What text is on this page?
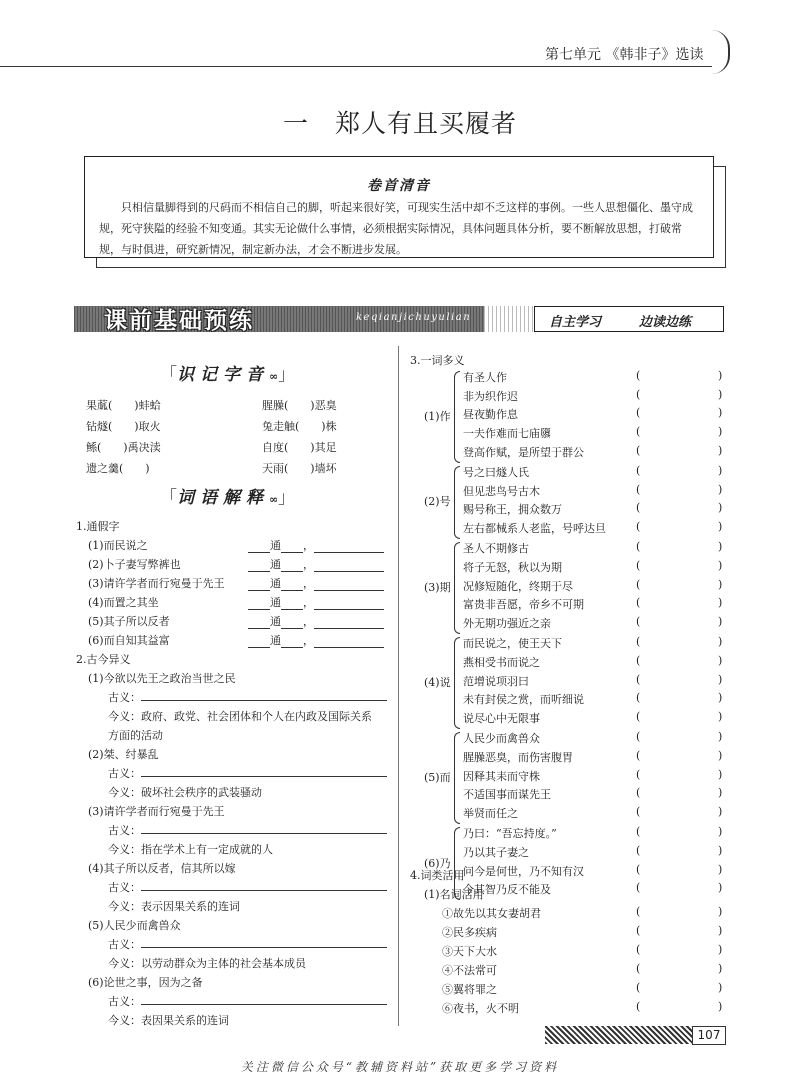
第七单元 《韩非子》选读
一　郑人有且买履者
卷首清音
只相信量脚得到的尺码而不相信自己的脚，听起来很好笑，可现实生活中却不乏这样的事例。一些人思想僵化、墨守成规，死守狭隘的经验不知变通。其实无论做什么事情，必须根据实际情况，具体问题具体分析，要不断解放思想，打破常规，与时俱进，研究新情况，制定新办法，才会不断进步发展。
课前基础预练	keqianjichuyulian	自主学习	边读边练
「识记字音∞」
果蓏( )蚌蛤	腥臊( )恶臭
钻燧( )取火	兔走触( )株
鲧( )禹决渎	自度( )其足
遗之羹( )	天雨( )墙坏
「词语解释∞」
1.通假字
(1)而民说之	通 ，
(2)卜子妻写弊裤也	通 ，
(3)请许学者而行宛曼于先王	通 ，
(4)而置之其坐	通 ，
(5)其子所以反者	通 ，
(6)而自知其益富	通 ，
2.古今异义
(1)今欲以先王之政治当世之民
古义：
今义：政府、政党、社会团体和个人在内政及国际关系
方面的活动
(2)桀、纣暴乱
古义：
今义：破坏社会秩序的武装骚动
(3)请许学者而行宛曼于先王
古义：
今义：指在学术上有一定成就的人
(4)其子所以反者，信其所以嫁
古义：
今义：表示因果关系的连词
(5)人民少而禽兽众
古义：
今义：以劳动群众为主体的社会基本成员
(6)论世之事，因为之备
古义：
今义：表因果关系的连词
3.一词多义
(1)作
有圣人作	(	)
非为织作迟	(	)
昼夜勤作息	(	)
一夫作难而七庙隳	(	)
登高作赋，是所望于群公	(	)
(2)号
号之曰燧人氏	(	)
但见悲鸟号古木	(	)
赐号称王，拥众数万	(	)
左右都械系人老监，号呼达旦	(	)
(3)期
圣人不期修古	(	)
将子无怒，秋以为期	(	)
况修短随化，终期于尽	(	)
富贵非吾愿，帝乡不可期	(	)
外无期功强近之亲	(	)
(4)说
而民说之，使王天下	(	)
燕相受书而说之	(	)
范增说项羽曰	(	)
未有封侯之赏，而听细说	(	)
说尽心中无限事	(	)
(5)而
人民少而禽兽众	(	)
腥臊恶臭，而伤害腹胃	(	)
因释其耒而守株	(	)
不适国事而谋先王	(	)
举贤而任之	(	)
(6)乃
乃曰：“吾忘持度。”	(	)
乃以其子妻之	(	)
问今是何世，乃不知有汉	(	)
今其智乃反不能及	(	)
4.词类活用
(1)名词活用
①故先以其女妻胡君	(	)
②民多疾病	(	)
③天下大水	(	)
④不法常可	(	)
⑤翼将罪之	(	)
⑥夜书，火不明	(	)
107
关注微信公众号“教辅资料站”获取更多学习资料
